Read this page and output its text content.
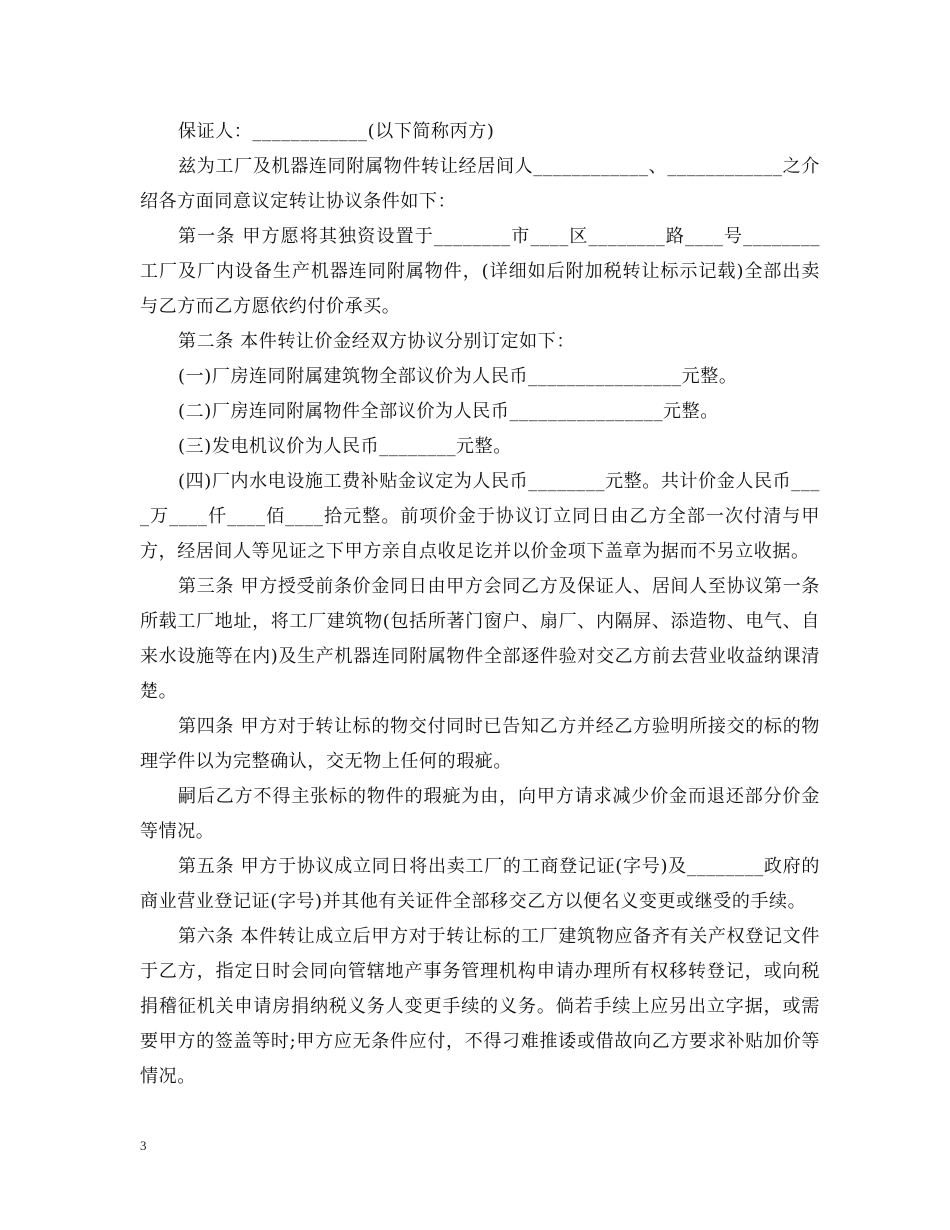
保证人：____________(以下简称丙方)

兹为工厂及机器连同附属物件转让经居间人____________、____________之介绍各方面同意议定转让协议条件如下：

第一条 甲方愿将其独资设置于________市____区________路____号________工厂及厂内设备生产机器连同附属物件，(详细如后附加税转让标示记载)全部出卖与乙方而乙方愿依约付价承买。

第二条 本件转让价金经双方协议分别订定如下：

(一)厂房连同附属建筑物全部议价为人民币________________元整。

(二)厂房连同附属物件全部议价为人民币________________元整。

(三)发电机议价为人民币________元整。

(四)厂内水电设施工费补贴金议定为人民币________元整。共计价金人民币____万____仟____佰____拾元整。前项价金于协议订立同日由乙方全部一次付清与甲方，经居间人等见证之下甲方亲自点收足讫并以价金项下盖章为据而不另立收据。

第三条 甲方授受前条价金同日由甲方会同乙方及保证人、居间人至协议第一条所载工厂地址，将工厂建筑物(包括所著门窗户、扇厂、内隔屏、添造物、电气、自来水设施等在内)及生产机器连同附属物件全部逐件验对交乙方前去营业收益纳课清楚。

第四条 甲方对于转让标的物交付同时已告知乙方并经乙方验明所接交的标的物理学件以为完整确认，交无物上任何的瑕疵。

嗣后乙方不得主张标的物件的瑕疵为由，向甲方请求减少价金而退还部分价金等情况。

第五条 甲方于协议成立同日将出卖工厂的工商登记证(字号)及________政府的商业营业登记证(字号)并其他有关证件全部移交乙方以便名义变更或继受的手续。

第六条 本件转让成立后甲方对于转让标的工厂建筑物应备齐有关产权登记文件于乙方，指定日时会同向管辖地产事务管理机构申请办理所有权移转登记，或向税捐稽征机关申请房捐纳税义务人变更手续的义务。倘若手续上应另出立字据，或需要甲方的签盖等时;甲方应无条件应付，不得刁难推诿或借故向乙方要求补贴加价等情况。

3
